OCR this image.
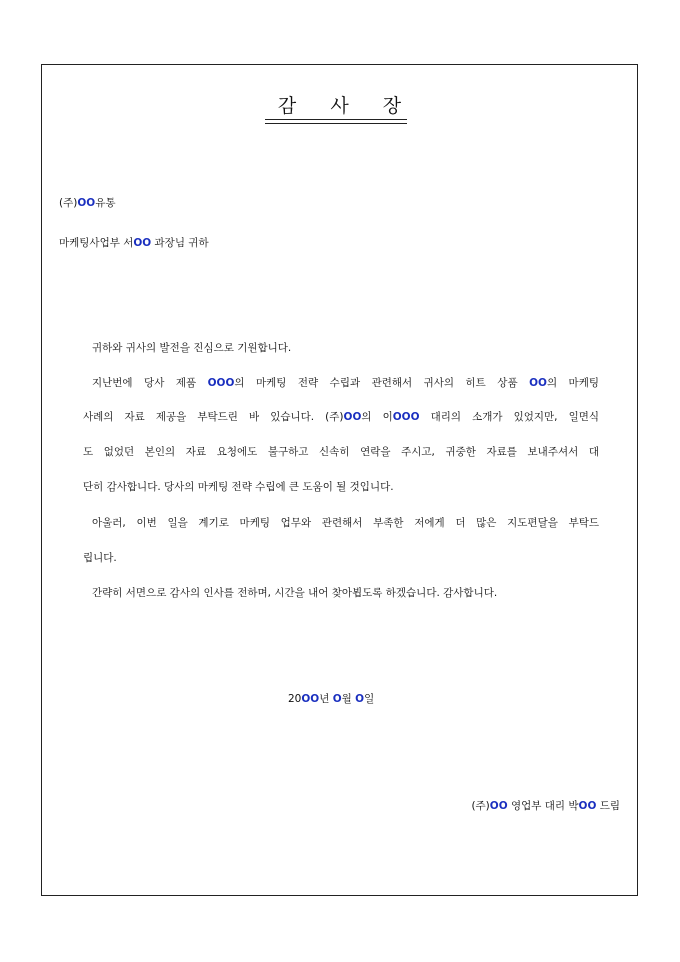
감 사 장
(주)OO유통
마케팅사업부 서OO 과장님 귀하
귀하와 귀사의 발전을 진심으로 기원합니다.
지난번에 당사 제품 OOO의 마케팅 전략 수립과 관련해서 귀사의 히트 상품 OO의 마케팅
사례의 자료 제공을 부탁드린 바 있습니다. (주)OO의 이OOO 대리의 소개가 있었지만, 일면식
도 없었던 본인의 자료 요청에도 불구하고 신속히 연락을 주시고, 귀중한 자료를 보내주셔서 대
단히 감사합니다. 당사의 마케팅 전략 수립에 큰 도움이 될 것입니다.
아울러, 이번 일을 계기로 마케팅 업무와 관련해서 부족한 저에게 더 많은 지도편달을 부탁드
립니다.
간략히 서면으로 감사의 인사를 전하며, 시간을 내어 찾아뵙도록 하겠습니다. 감사합니다.
20OO년 O월 O일
(주)OO 영업부 대리 박OO 드림
